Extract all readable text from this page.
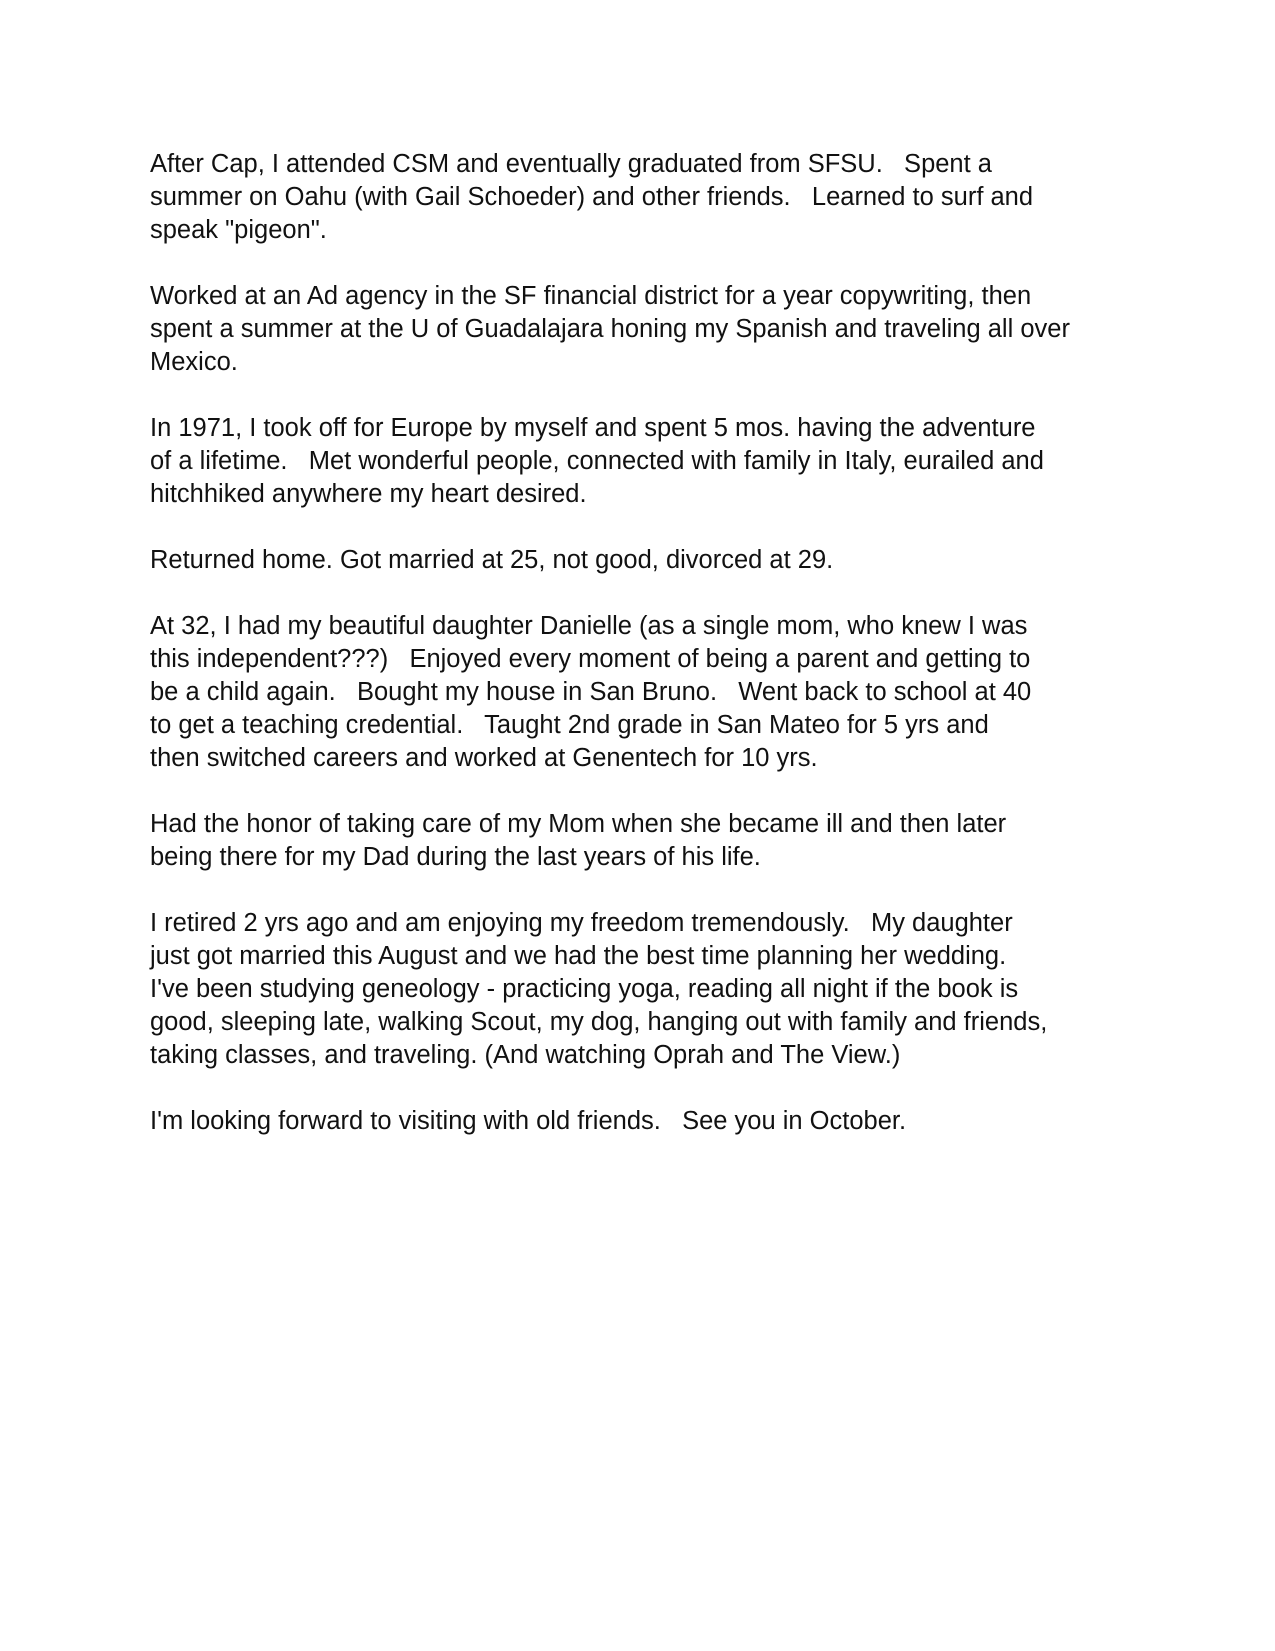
After Cap, I attended CSM and eventually graduated from SFSU.   Spent a
summer on Oahu (with Gail Schoeder) and other friends.   Learned to surf and
speak "pigeon".

Worked at an Ad agency in the SF financial district for a year copywriting, then
spent a summer at the U of Guadalajara honing my Spanish and traveling all over
Mexico.

In 1971, I took off for Europe by myself and spent 5 mos. having the adventure
of a lifetime.   Met wonderful people, connected with family in Italy, eurailed and
hitchhiked anywhere my heart desired.

Returned home. Got married at 25, not good, divorced at 29.

At 32, I had my beautiful daughter Danielle (as a single mom, who knew I was
this independent???)   Enjoyed every moment of being a parent and getting to
be a child again.   Bought my house in San Bruno.   Went back to school at 40
to get a teaching credential.   Taught 2nd grade in San Mateo for 5 yrs and
then switched careers and worked at Genentech for 10 yrs.

Had the honor of taking care of my Mom when she became ill and then later
being there for my Dad during the last years of his life.

I retired 2 yrs ago and am enjoying my freedom tremendously.   My daughter
just got married this August and we had the best time planning her wedding.
I've been studying geneology - practicing yoga, reading all night if the book is
good, sleeping late, walking Scout, my dog, hanging out with family and friends,
taking classes, and traveling. (And watching Oprah and The View.)

I'm looking forward to visiting with old friends.   See you in October.
